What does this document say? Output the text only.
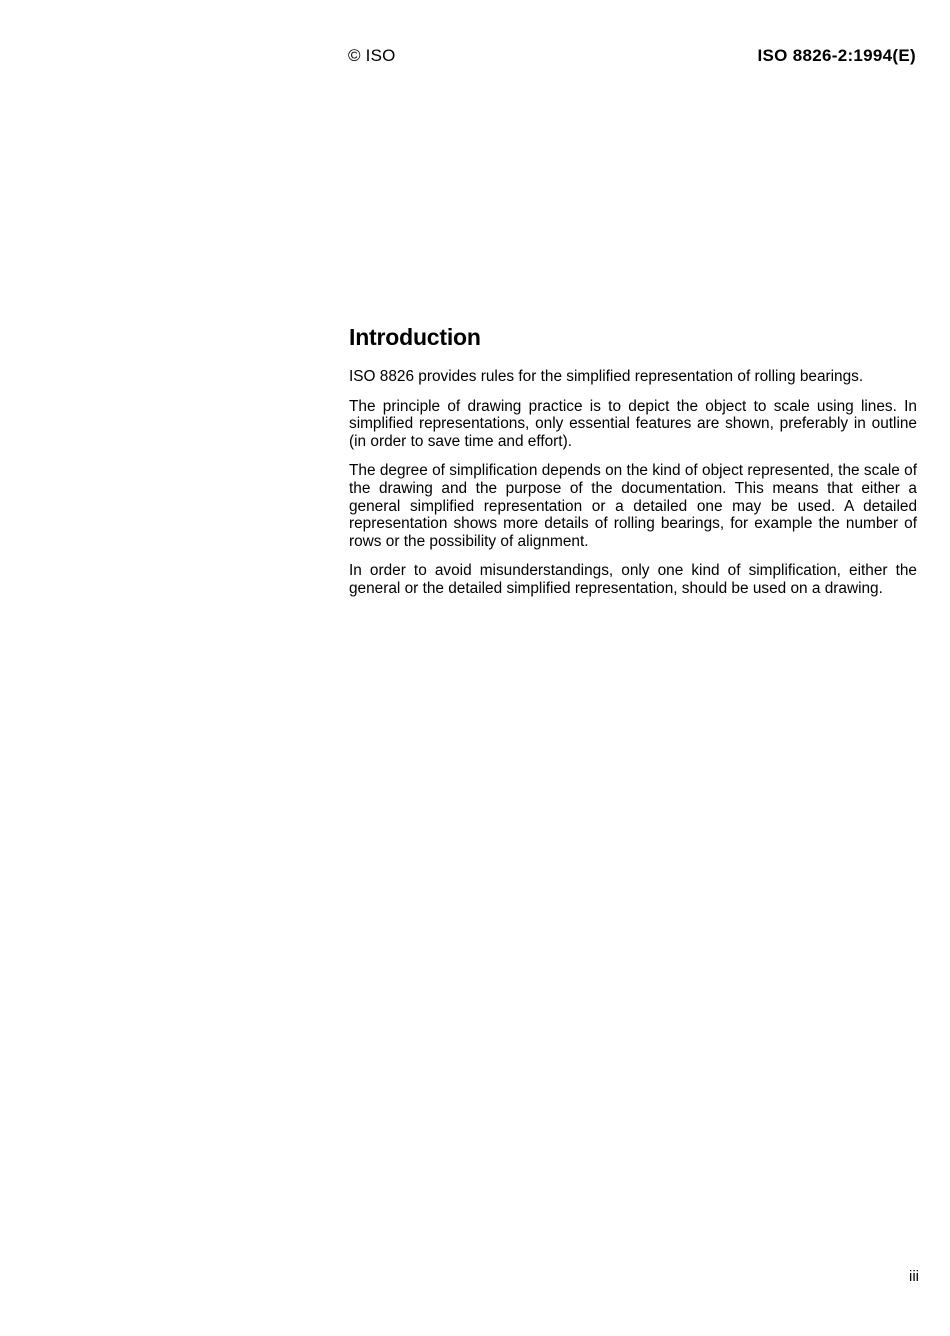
© ISO	ISO 8826-2:1994(E)
Introduction

ISO 8826 provides rules for the simplified representation of rolling bearings.

The principle of drawing practice is to depict the object to scale using lines. In simplified representations, only essential features are shown, preferably in outline (in order to save time and effort).

The degree of simplification depends on the kind of object represented, the scale of the drawing and the purpose of the documentation. This means that either a general simplified representation or a detailed one may be used. A detailed representation shows more details of rolling bearings, for example the number of rows or the possibility of alignment.

In order to avoid misunderstandings, only one kind of simplification, either the general or the detailed simplified representation, should be used on a drawing.

iii
